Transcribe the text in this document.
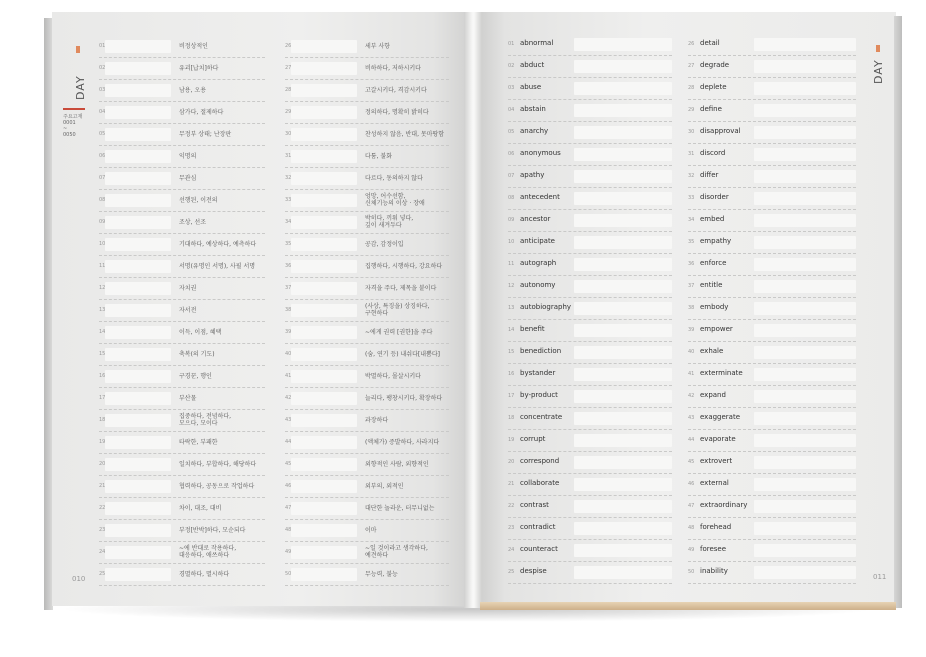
DAY
주요고재
0001
~
0050
010
DAY
011
01	비정상적인
02	유괴[납치]하다
03	남용, 오용
04	삼가다, 절제하다
05	무정부 상태; 난장판
06	익명의
07	무관심
08	선행된, 이전의
09	조상, 선조
10	기대하다, 예상하다, 예측하다
11	서명(유명인 서명), 사필 서명
12	자치권
13	자서전
14	이득, 이점, 혜택
15	축복(의 기도)
16	구경꾼, 행인
17	부산물
18	집중하다, 전념하다,
모으다, 모이다
19	타락한, 부패한
20	일치하다, 부합하다, 해당하다
21	협력하다, 공동으로 작업하다
22	차이, 대조, 대비
23	부정[반박]하다, 모순되다
24	~에 반대로 작용하다,
대응하다, 애쓰하다
25	경멸하다, 멸시하다
26	세부 사항
27	비하하다, 저하시키다
28	고갈시키다, 격감시키다
29	정의하다, 명확히 밝히다
30	찬성하지 않음, 반대, 못마땅함
31	다툼, 불화
32	다르다, 동의하지 않다
33	엉망, 어수선함,
신체기능의 이상 · 장애
34	박히다, 끼워 넣다,
깊이 새겨두다
35	공감, 감정이입
36	집행하다, 시행하다, 강요하다
37	자격을 주다, 제목을 붙이다
38	(사상, 특징을) 상징하다,
구현하다
39	~에게 권력 [권한]을 주다
40	(숨, 연기 등) 내쉬다[내뿜다]
41	박멸하다, 몰살시키다
42	늘리다, 팽창시키다, 확장하다
43	과장하다
44	(액체가) 증발하다, 사라지다
45	외향적인 사람, 외향적인
46	외부의, 외적인
47	대단한 놀라운, 터무니없는
48	이마
49	~일 것이라고 생각하다,
예견하다
50	무능력, 불능
01 abnormal
02 abduct
03 abuse
04 abstain
05 anarchy
06 anonymous
07 apathy
08 antecedent
09 ancestor
10 anticipate
11 autograph
12 autonomy
13 autobiography
14 benefit
15 benediction
16 bystander
17 by-product
18 concentrate
19 corrupt
20 correspond
21 collaborate
22 contrast
23 contradict
24 counteract
25 despise
26 detail
27 degrade
28 deplete
29 define
30 disapproval
31 discord
32 differ
33 disorder
34 embed
35 empathy
36 enforce
37 entitle
38 embody
39 empower
40 exhale
41 exterminate
42 expand
43 exaggerate
44 evaporate
45 extrovert
46 external
47 extraordinary
48 forehead
49 foresee
50 inability
